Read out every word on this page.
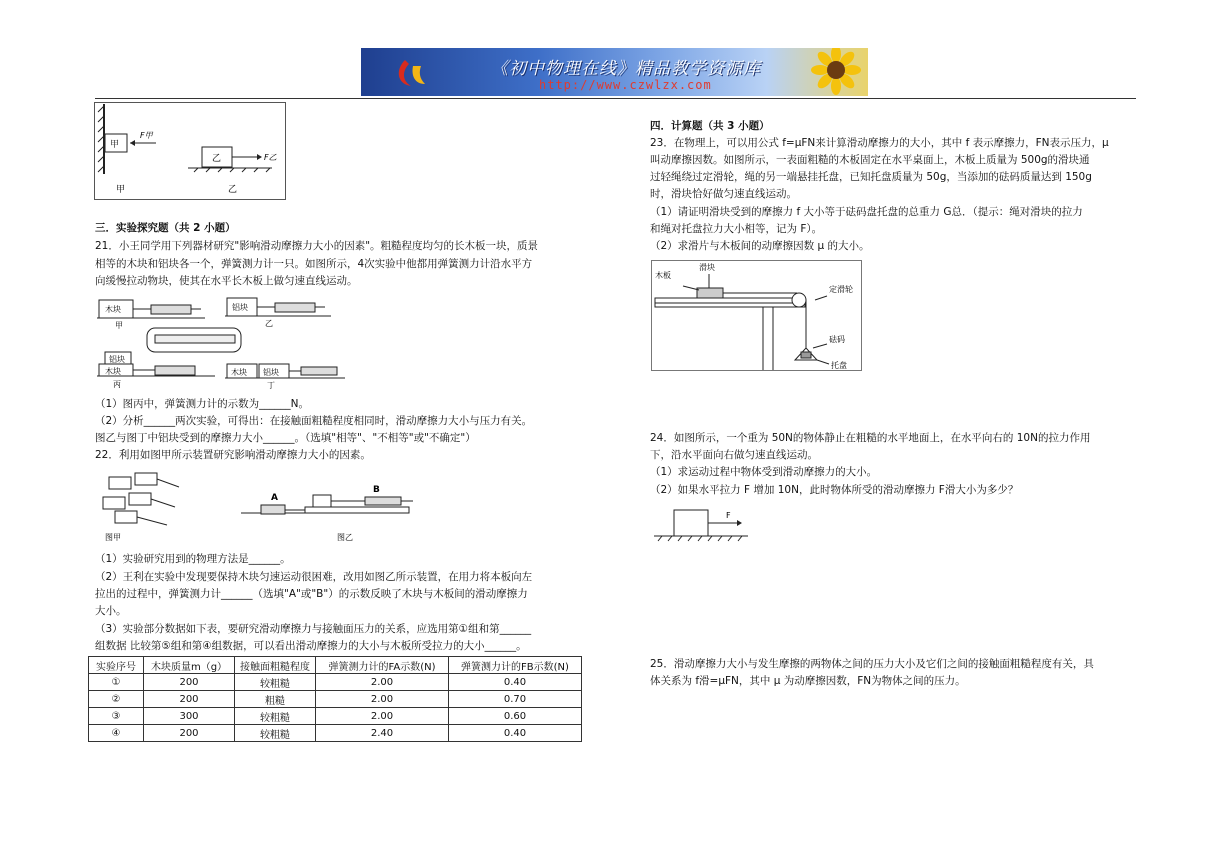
《初中物理在线》精品教学资源库
http://www.czwlzx.com
甲
F甲
乙	F乙
甲	乙
三．实验探究题（共 2 小题）
21．小王同学用下列器材研究"影响滑动摩擦力大小的因素"。粗糙程度均匀的长木板一块，质景
相等的木块和铝块各一个，弹簧测力计一只。如图所示，4次实验中他都用弹簧测力计沿水平方
向缓慢拉动物块，使其在水平长木板上做匀速直线运动。
木块	铝块
木块
铝块
木块 铝块
甲	乙
丙	丁
（1）图丙中，弹簧测力计的示数为______N。
（2）分析______两次实验，可得出：在接触面粗糙程度相同时，滑动摩擦力大小与压力有关。
图乙与图丁中铝块受到的摩擦力大小______。（选填"相等"、"不相等"或"不确定"）
22．利用如图甲所示装置研究影响滑动摩擦力大小的因素。
A
B
图甲	图乙
（1）实验研究用到的物理方法是______。
（2）王利在实验中发现要保持木块匀速运动很困难，改用如图乙所示装置，在用力将本板向左
拉出的过程中，弹簧测力计______（选填"A"或"B"）的示数反映了木块与木板间的滑动摩擦力
大小。
（3）实验部分数据如下表，要研究滑动摩擦力与接触面压力的关系，应选用第①组和第______
组数据 比较第⑤组和第④组数据，可以看出滑动摩擦力的大小与木板所受拉力的大小______。
实验序号	木块质量m（g）	接触面粗糙程度	弹簧测力计的FA示数(N)	弹簧测力计的FB示数(N)
①	200	较粗糙	2.00	0.40
②	200	粗糙	2.00	0.70
③	300	较粗糙	2.00	0.60
④	200	较粗糙	2.40	0.40
四．计算题（共 3 小题）
23．在物理上，可以用公式 f=μFN来计算滑动摩擦力的大小，其中 f 表示摩擦力，FN表示压力，μ
叫动摩擦因数。如图所示，一表面粗糙的木板固定在水平桌面上，木板上质量为 500g的滑块通
过轻绳绕过定滑轮，绳的另一端悬挂托盘，已知托盘质量为 50g，当添加的砝码质量达到 150g
时，滑块恰好做匀速直线运动。
（1）请证明滑块受到的摩擦力 f 大小等于砝码盘托盘的总重力 G总．（提示：绳对滑块的拉力
和绳对托盘拉力大小相等，记为 F）。
（2）求滑片与木板间的动摩擦因数 μ 的大小。
木板
滑块
定滑轮
砝码
托盘
24．如图所示，一个重为 50N的物体静止在粗糙的水平地面上，在水平向右的 10N的拉力作用
下，沿水平面向右做匀速直线运动。
（1）求运动过程中物体受到滑动摩擦力的大小。
（2）如果水平拉力 F 增加 10N，此时物体所受的滑动摩擦力 F滑大小为多少？
F
25．滑动摩擦力大小与发生摩擦的两物体之间的压力大小及它们之间的接触面粗糙程度有关，具
体关系为 f滑=μFN，其中 μ 为动摩擦因数，FN为物体之间的压力。
